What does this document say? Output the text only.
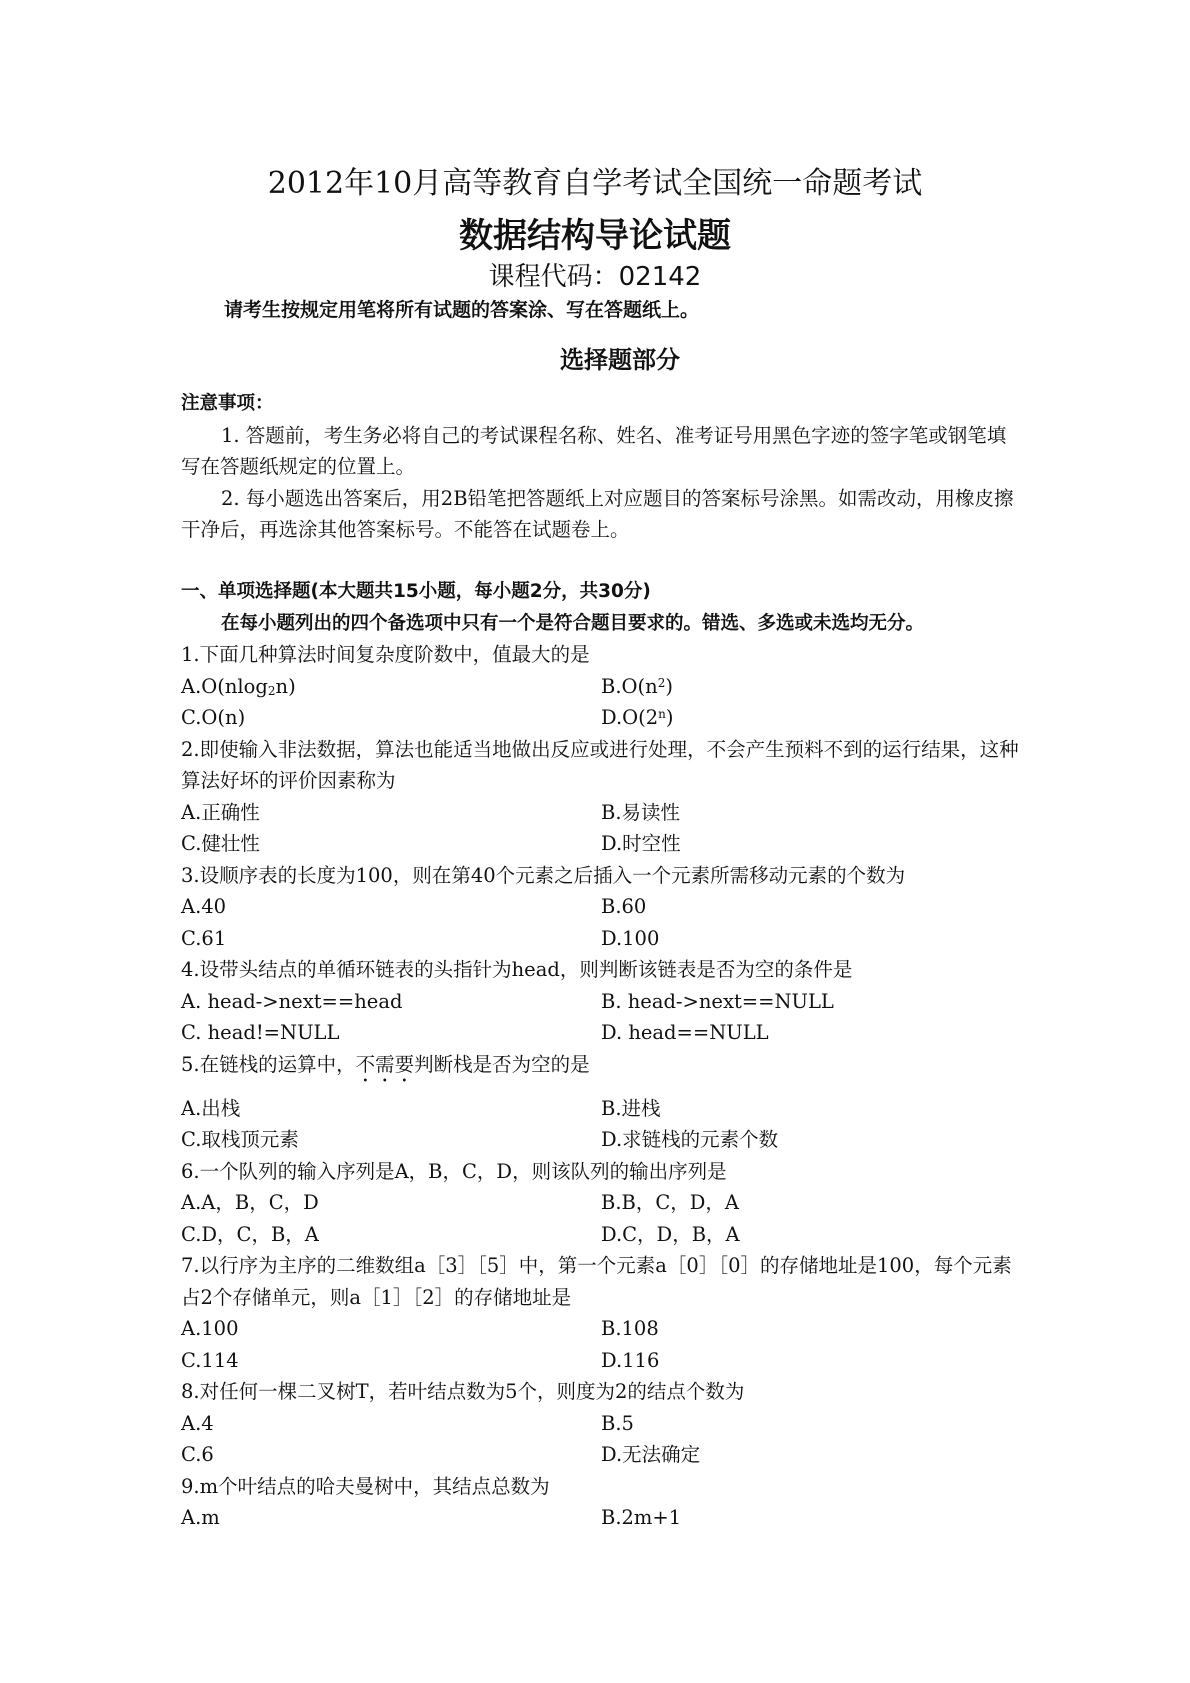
2012年10月高等教育自学考试全国统一命题考试
数据结构导论试题
课程代码：02142
请考生按规定用笔将所有试题的答案涂、写在答题纸上。
选择题部分
注意事项：
1. 答题前，考生务必将自己的考试课程名称、姓名、准考证号用黑色字迹的签字笔或钢笔填写在答题纸规定的位置上。
2. 每小题选出答案后，用2B铅笔把答题纸上对应题目的答案标号涂黑。如需改动，用橡皮擦干净后，再选涂其他答案标号。不能答在试题卷上。
一、单项选择题(本大题共15小题，每小题2分，共30分)
在每小题列出的四个备选项中只有一个是符合题目要求的。错选、多选或未选均无分。
1.下面几种算法时间复杂度阶数中，值最大的是
A.O(nlog$_2$n)	$B.O(n^2)$
C.O(n)	D.O(2$^n$)
2.即使输入非法数据，算法也能适当地做出反应或进行处理，不会产生预料不到的运行结果，这种算法好坏的评价因素称为
A.正确性	B.易读性
C.健壮性	D.时空性
3.设顺序表的长度为100，则在第40个元素之后插入一个元素所需移动元素的个数为
A.40	B.60
C.61	D.100
4.设带头结点的单循环链表的头指针为head，则判断该链表是否为空的条件是
A. head->next==head	B. head->next==NULL
C. head!=NULL	D. head==NULL
5.在链栈的运算中，不需要判断栈是否为空的是
A.出栈	B.进栈
C.取栈顶元素	D.求链栈的元素个数
6.一个队列的输入序列是A，B，C，D，则该队列的输出序列是
A.A，B，C，D	B.B，C，D，A
C.D，C，B，A	D.C，D，B，A
7.以行序为主序的二维数组a［3］［5］中，第一个元素a［0］［0］的存储地址是100，每个元素占2个存储单元，则a［1］［2］的存储地址是
A.100	B.108
C.114	D.116
8.对任何一棵二叉树T，若叶结点数为5个，则度为2的结点个数为
A.4	B.5
C.6	D.无法确定
9.m个叶结点的哈夫曼树中，其结点总数为
A.m	B.2m+1
